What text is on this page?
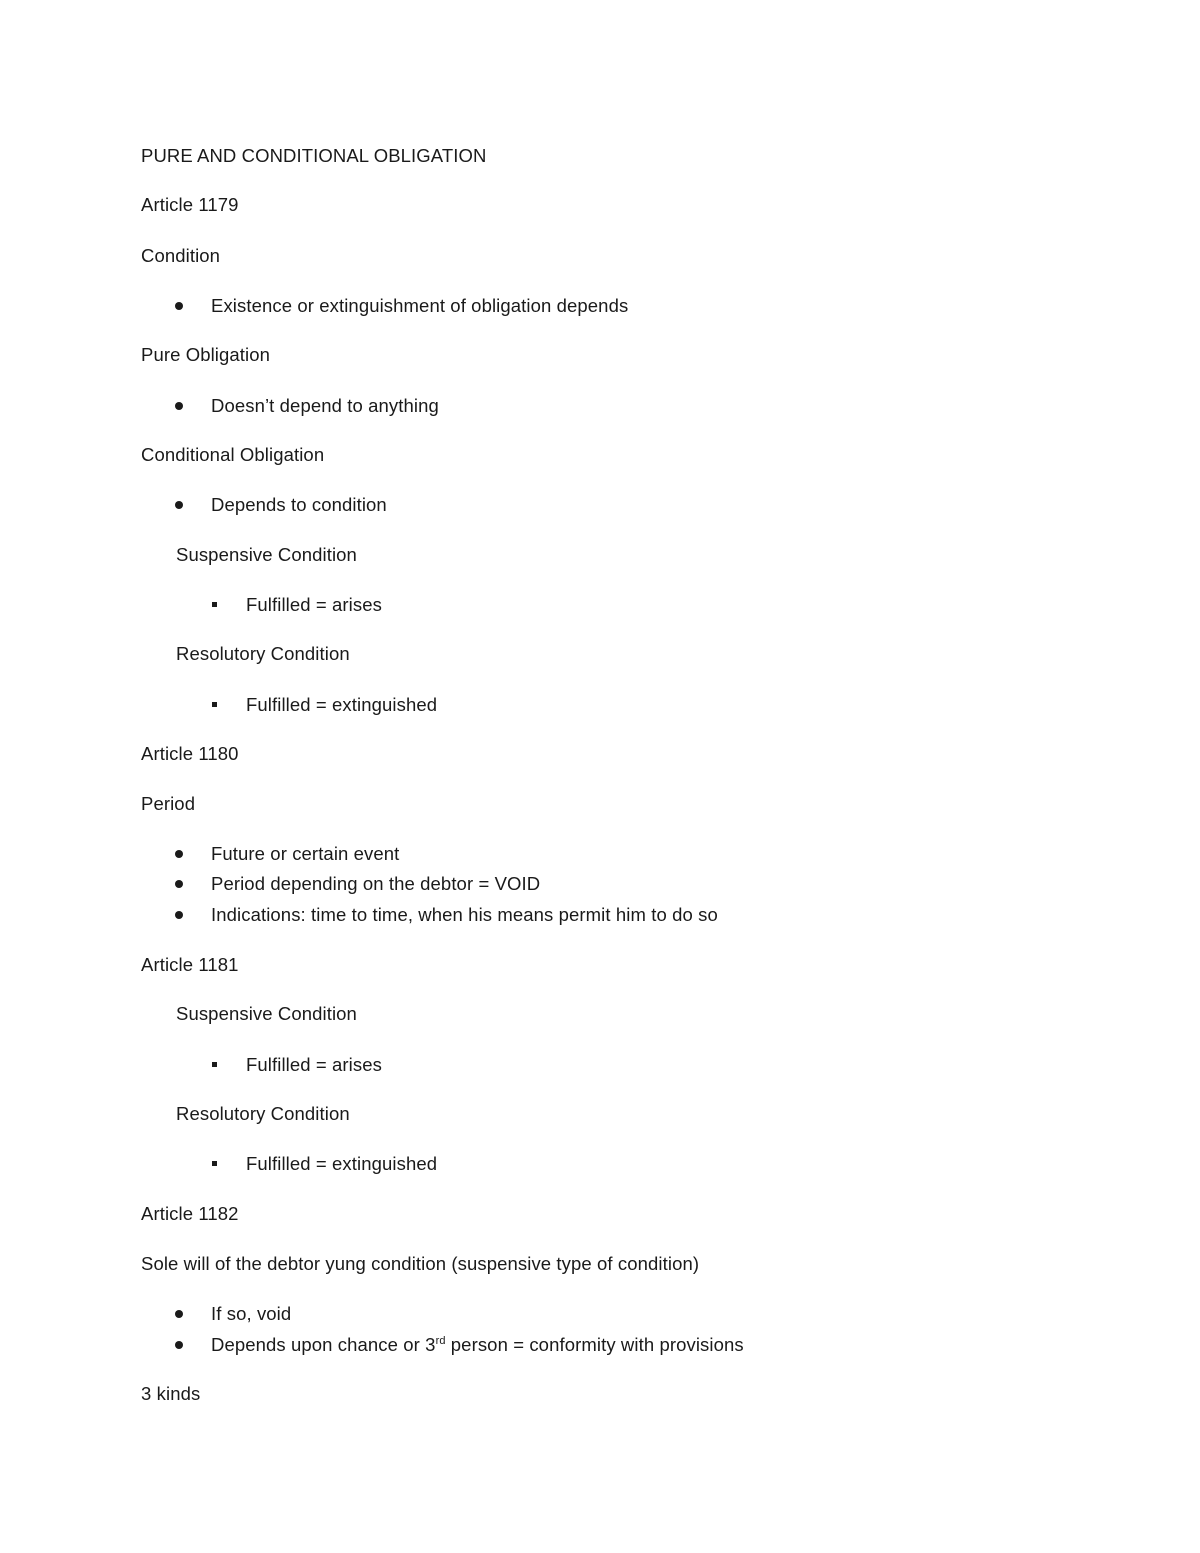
PURE AND CONDITIONAL OBLIGATION
Article 1179
Condition
Existence or extinguishment of obligation depends
Pure Obligation
Doesn’t depend to anything
Conditional Obligation
Depends to condition
Suspensive Condition
Fulfilled = arises
Resolutory Condition
Fulfilled = extinguished
Article 1180
Period
Future or certain event
Period depending on the debtor = VOID
Indications: time to time, when his means permit him to do so
Article 1181
Suspensive Condition
Fulfilled = arises
Resolutory Condition
Fulfilled = extinguished
Article 1182
Sole will of the debtor yung condition (suspensive type of condition)
If so, void
Depends upon chance or 3rd person = conformity with provisions
3 kinds
